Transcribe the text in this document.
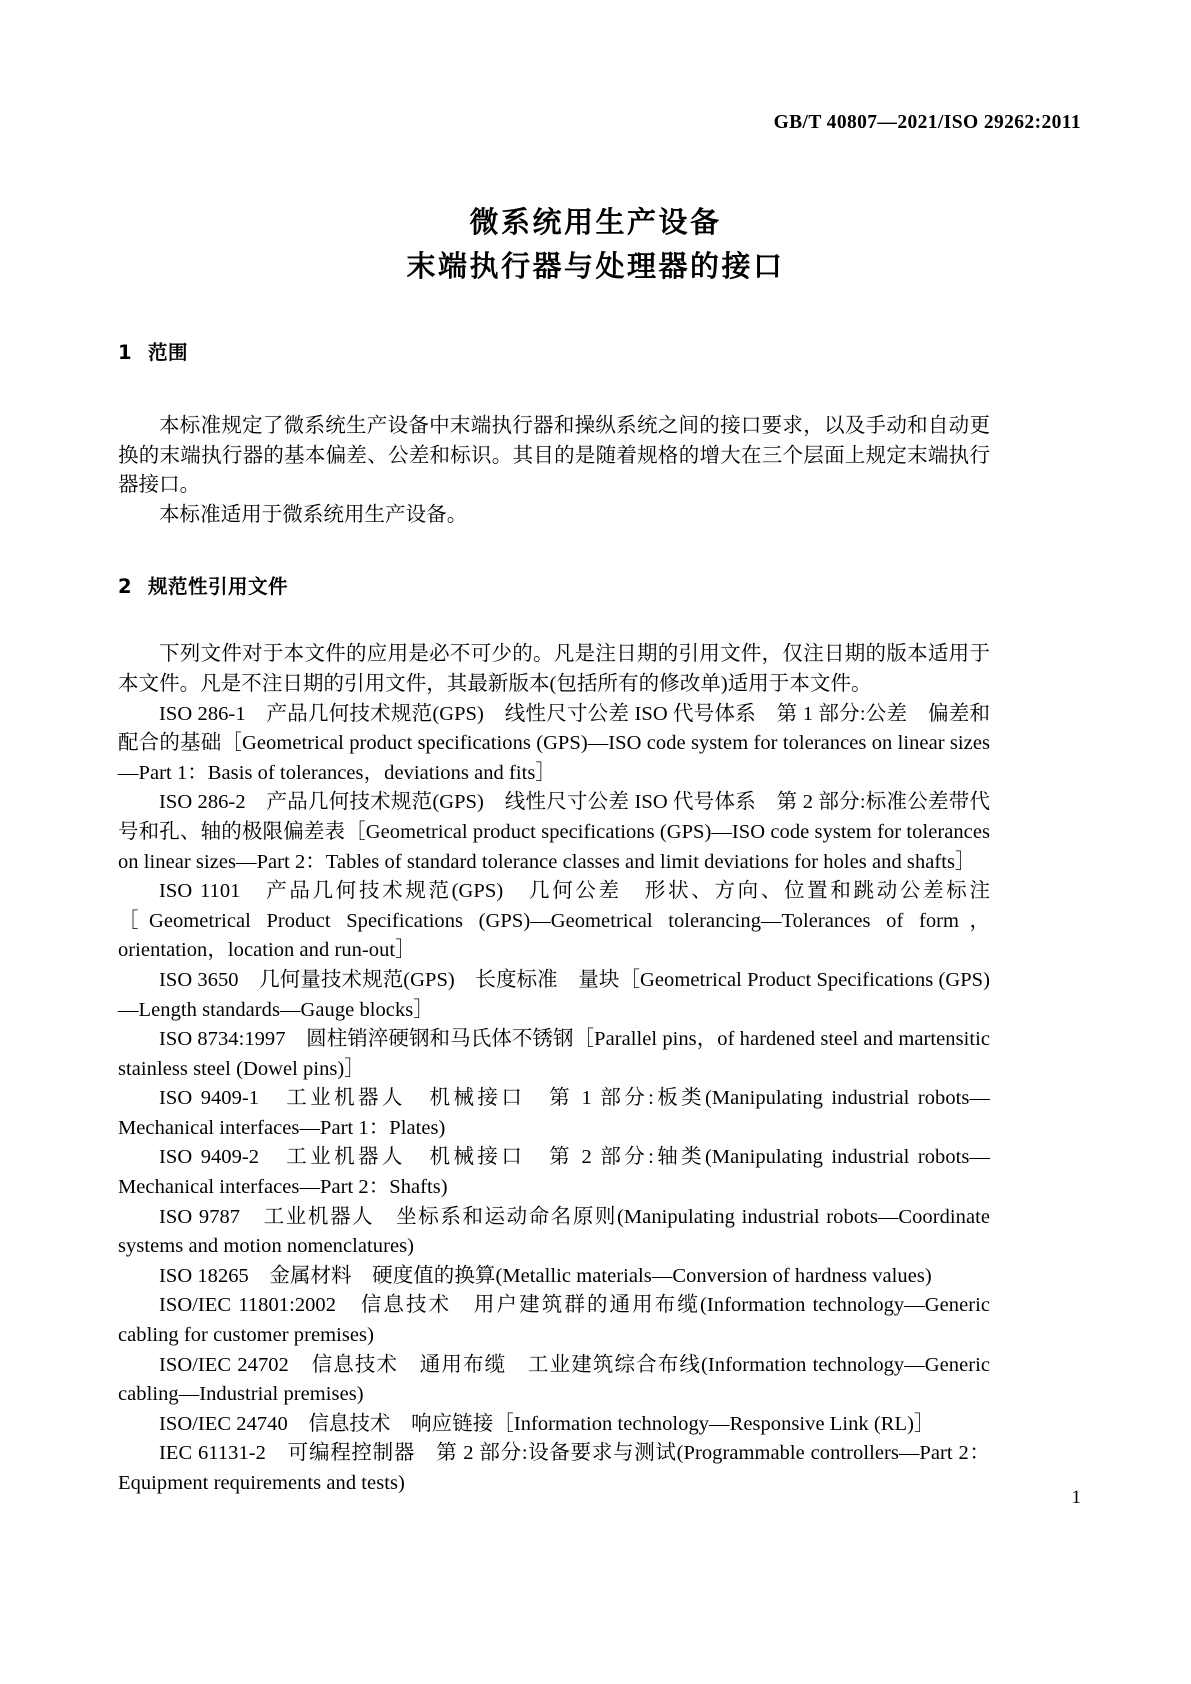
GB/T 40807—2021/ISO 29262:2011
微系统用生产设备
末端执行器与处理器的接口
1 范围

本标准规定了微系统生产设备中末端执行器和操纵系统之间的接口要求，以及手动和自动更换的末端执行器的基本偏差、公差和标识。其目的是随着规格的增大在三个层面上规定末端执行器接口。

本标准适用于微系统用生产设备。

2 规范性引用文件

下列文件对于本文件的应用是必不可少的。凡是注日期的引用文件，仅注日期的版本适用于本文件。凡是不注日期的引用文件，其最新版本(包括所有的修改单)适用于本文件。

ISO 286-1　产品几何技术规范(GPS)　线性尺寸公差 ISO 代号体系　第 1 部分:公差　偏差和配合的基础［Geometrical product specifications (GPS)—ISO code system for tolerances on linear sizes—Part 1：Basis of tolerances，deviations and fits］

ISO 286-2　产品几何技术规范(GPS)　线性尺寸公差 ISO 代号体系　第 2 部分:标准公差带代号和孔、轴的极限偏差表［Geometrical product specifications (GPS)—ISO code system for tolerances on linear sizes—Part 2：Tables of standard tolerance classes and limit deviations for holes and shafts］

ISO 1101　产品几何技术规范(GPS)　几何公差　形状、方向、位置和跳动公差标注［Geometrical Product Specifications (GPS)—Geometrical tolerancing—Tolerances of form，orientation，location and run-out］

ISO 3650　几何量技术规范(GPS)　长度标准　量块［Geometrical Product Specifications (GPS)—Length standards—Gauge blocks］

ISO 8734:1997　圆柱销淬硬钢和马氏体不锈钢［Parallel pins，of hardened steel and martensitic stainless steel (Dowel pins)］

ISO 9409-1　工业机器人　机械接口　第 1 部分:板类(Manipulating industrial robots—Mechanical interfaces—Part 1：Plates)

ISO 9409-2　工业机器人　机械接口　第 2 部分:轴类(Manipulating industrial robots—Mechanical interfaces—Part 2：Shafts)

ISO 9787　工业机器人　坐标系和运动命名原则(Manipulating industrial robots—Coordinate systems and motion nomenclatures)

ISO 18265　金属材料　硬度值的换算(Metallic materials—Conversion of hardness values)

ISO/IEC 11801:2002　信息技术　用户建筑群的通用布缆(Information technology—Generic cabling for customer premises)

ISO/IEC 24702　信息技术　通用布缆　工业建筑综合布线(Information technology—Generic cabling—Industrial premises)

ISO/IEC 24740　信息技术　响应链接［Information technology—Responsive Link (RL)］

IEC 61131-2　可编程控制器　第 2 部分:设备要求与测试(Programmable controllers—Part 2：Equipment requirements and tests)

1
